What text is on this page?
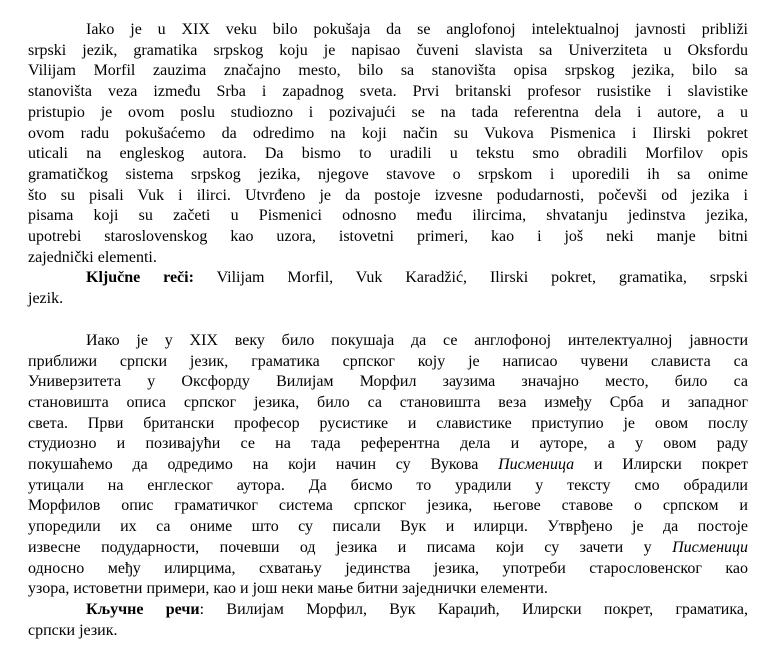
Iako je u XIX veku bilo pokušaja da se anglofonoj intelektualnoj javnosti približi
srpski jezik, gramatika srpskog koju je napisao čuveni slavista sa Univerziteta u Oksfordu
Vilijam Morfil zauzima značajno mesto, bilo sa stanovišta opisa srpskog jezika, bilo sa
stanovišta veza između Srba i zapadnog sveta. Prvi britanski profesor rusistike i slavistike
pristupio je ovom poslu studiozno i pozivajući se na tada referentna dela i autore, a u
ovom radu pokušaćemo da odredimo na koji način su Vukova Pismenica i Ilirski pokret
uticali na engleskog autora. Da bismo to uradili u tekstu smo obradili Morfilov opis
gramatičkog sistema srpskog jezika, njegove stavove o srpskom i uporedili ih sa onime
što su pisali Vuk i ilirci. Utvrđeno je da postoje izvesne podudarnosti, počevši od jezika i
pisama koji su začeti u Pismenici odnosno među ilircima, shvatanju jedinstva jezika,
upotrebi staroslovenskog kao uzora, istovetni primeri, kao i još neki manje bitni
zajednički elementi.
Ključne reči: Vilijam Morfil, Vuk Karadžić, Ilirski pokret, gramatika, srpski
jezik.
Иако је у XIX веку било покушаја да се англофоној интелектуалној јавности
приближи српски језик, граматика српског коју је написао чувени слависта са
Универзитета у Оксфорду Вилијам Морфил заузима значајно место, било са
становишта описа српског језика, било са становишта веза између Срба и западног
света. Први британски професор русистике и славистике приступио је овом послу
студиозно и позивајући се на тада референтна дела и ауторе, а у овом раду
покушаћемо да одредимо на који начин су Вукова Писменица и Илирски покрет
утицали на енглеског аутора. Да бисмо то урадили у тексту смо обрадили
Морфилов опис граматичког система српског језика, његове ставове о српском и
упоредили их са ониме што су писали Вук и илирци. Утврђено је да постоје
извесне подударности, почевши од језика и писама који су зачети у Писменици
односно међу илирцима, схватању јединства језика, употреби старословенског као
узора, истоветни примери, као и још неки мање битни заједнички елементи.
Кључне речи: Вилијам Морфил, Вук Караџић, Илирски покрет, граматика,
српски језик.
